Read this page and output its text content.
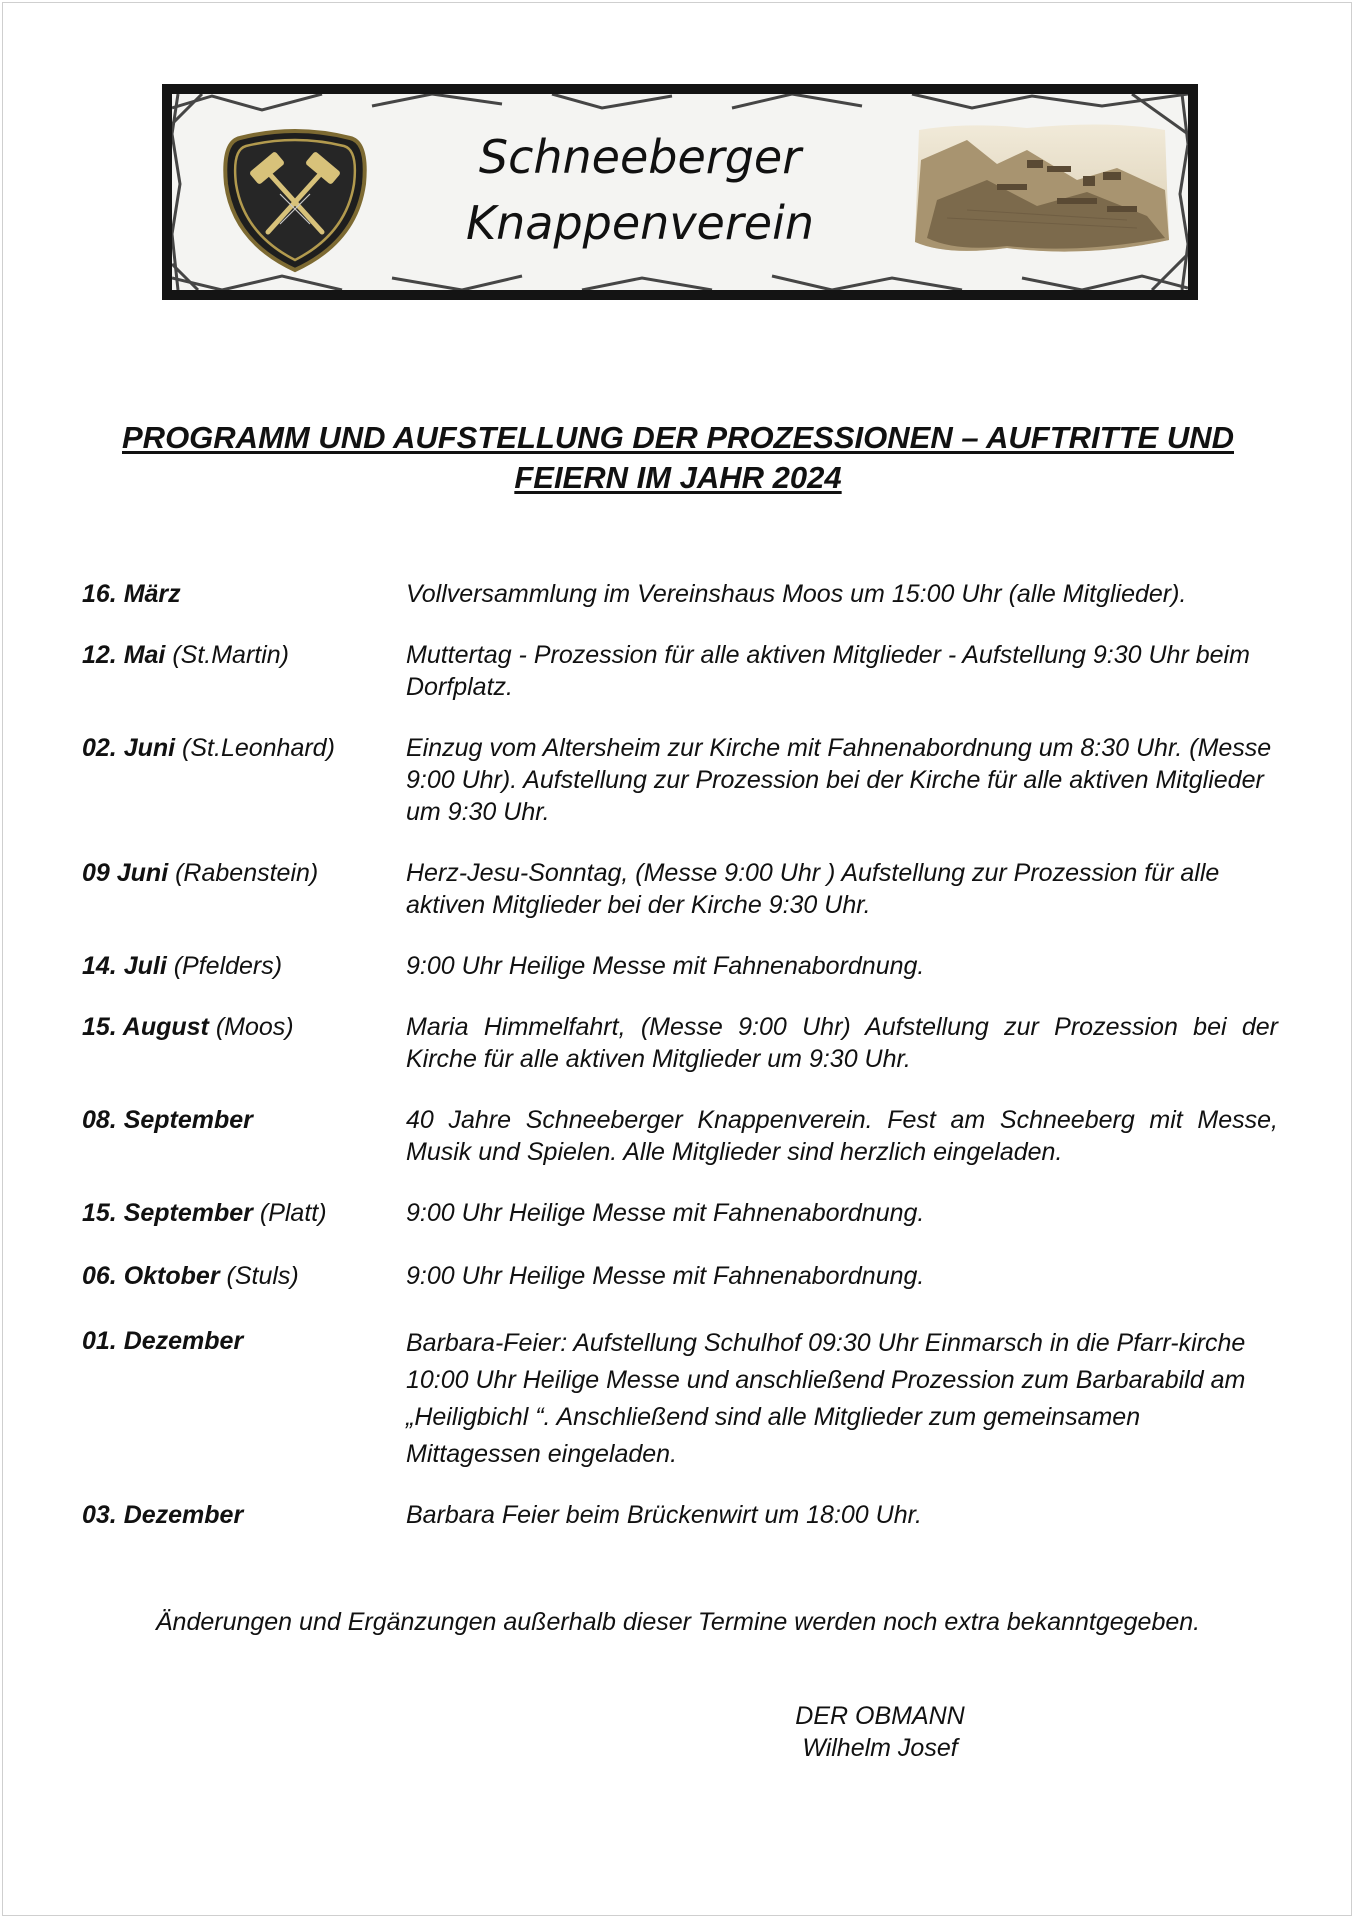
Schneeberger
Knappenverein
PROGRAMM UND AUFSTELLUNG DER PROZESSIONEN – AUFTRITTE UND FEIERN IM JAHR 2024
16. März	Vollversammlung im Vereinshaus Moos um 15:00 Uhr (alle Mitglieder).
12. Mai (St.Martin)	Muttertag - Prozession für alle aktiven Mitglieder - Aufstellung 9:30 Uhr beim Dorfplatz.
02. Juni (St.Leonhard)	Einzug vom Altersheim zur Kirche mit Fahnenabordnung um 8:30 Uhr. (Messe 9:00 Uhr). Aufstellung zur Prozession bei der Kirche für alle aktiven Mitglieder um 9:30 Uhr.
09 Juni (Rabenstein)	Herz-Jesu-Sonntag, (Messe 9:00 Uhr ) Aufstellung zur Prozession für alle aktiven Mitglieder bei der Kirche 9:30 Uhr.
14. Juli (Pfelders)	9:00 Uhr Heilige Messe mit Fahnenabordnung.
15. August (Moos)	Maria Himmelfahrt, (Messe 9:00 Uhr) Aufstellung zur Prozession bei der Kirche für alle aktiven Mitglieder um 9:30 Uhr.
08. September	40 Jahre Schneeberger Knappenverein. Fest am Schneeberg mit Messe, Musik und Spielen. Alle Mitglieder sind herzlich eingeladen.
15. September (Platt)	9:00 Uhr Heilige Messe mit Fahnenabordnung.
06. Oktober (Stuls)	9:00 Uhr Heilige Messe mit Fahnenabordnung.
01. Dezember	Barbara-Feier: Aufstellung Schulhof 09:30 Uhr Einmarsch in die Pfarr-kirche 10:00 Uhr Heilige Messe und anschließend Prozession zum Barbarabild am „Heiligbichl “. Anschließend sind alle Mitglieder zum gemeinsamen Mittagessen eingeladen.
03. Dezember	Barbara Feier beim Brückenwirt um 18:00 Uhr.
Änderungen und Ergänzungen außerhalb dieser Termine werden noch extra bekanntgegeben.
DER OBMANN
Wilhelm Josef
